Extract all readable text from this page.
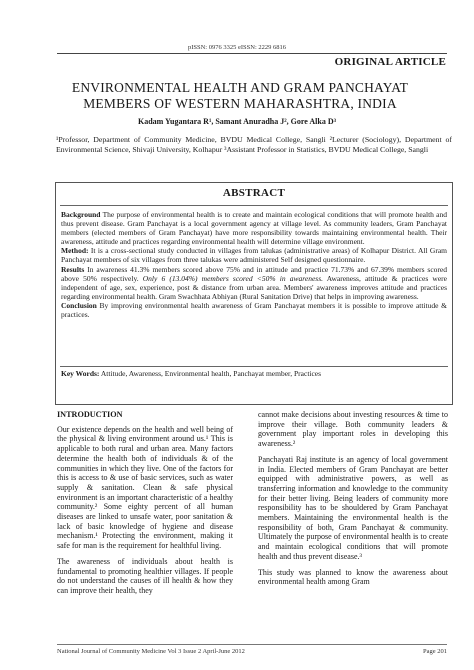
pISSN: 0976 3325 eISSN: 2229 6816
ORIGINAL ARTICLE
ENVIRONMENTAL HEALTH AND GRAM PANCHAYAT
MEMBERS OF WESTERN MAHARASHTRA, INDIA
Kadam Yugantara R¹, Samant Anuradha J², Gore Alka D³
¹Professor, Department of Community Medicine, BVDU Medical College, Sangli ²Lecturer (Sociology), Department of Environmental Science, Shivaji University, Kolhapur ³Assistant Professor in Statistics, BVDU Medical College, Sangli
ABSTRACT

Background The purpose of environmental health is to create and maintain ecological conditions that will promote health and thus prevent disease. Gram Panchayat is a local government agency at village level. As community leaders, Gram Panchayat members (elected members of Gram Panchayat) have more responsibility towards maintaining environmental health. Their awareness, attitude and practices regarding environmental health will determine village environment.

Method: It is a cross-sectional study conducted in villages from talukas (administrative areas) of Kolhapur District. All Gram Panchayat members of six villages from three talukas were administered Self designed questionnaire.

Results In awareness 41.3% members scored above 75% and in attitude and practice 71.73% and 67.39% members scored above 50% respectively. Only 6 (13.04%) members scored <50% in awareness. Awareness, attitude & practices were independent of age, sex, experience, post & distance from urban area. Members' awareness improves attitude and practices regarding environmental health. Gram Swachhata Abhiyan (Rural Sanitation Drive) that helps in improving awareness.

Conclusion By improving environmental health awareness of Gram Panchayat members it is possible to improve attitude & practices.

Key Words: Attitude, Awareness, Environmental health, Panchayat member, Practices

INTRODUCTION

Our existence depends on the health and well being of the physical & living environment around us.¹ This is applicable to both rural and urban area. Many factors determine the health both of individuals & of the communities in which they live. One of the factors for this is access to & use of basic services, such as water supply & sanitation. Clean & safe physical environment is an important characteristic of a healthy community.² Some eighty percent of all human diseases are linked to unsafe water, poor sanitation & lack of basic knowledge of hygiene and disease mechanism.¹ Protecting the environment, making it safe for man is the requirement for healthful living.

The awareness of individuals about health is fundamental to promoting healthier villages. If people do not understand the causes of ill health & how they can improve their health, they

cannot make decisions about investing resources & time to improve their village. Both community leaders & government play important roles in developing this awareness.²

Panchayati Raj institute is an agency of local government in India. Elected members of Gram Panchayat are better equipped with administrative powers, as well as transferring information and knowledge to the community for their better living. Being leaders of community more responsibility has to be shouldered by Gram Panchayat members. Maintaining the environmental health is the responsibility of both, Gram Panchayat & community. Ultimately the purpose of environmental health is to create and maintain ecological conditions that will promote health and thus prevent disease.³

This study was planned to know the awareness about environmental health among Gram

National Journal of Community Medicine Vol 3 Issue 2 April-June 2012	Page 201
